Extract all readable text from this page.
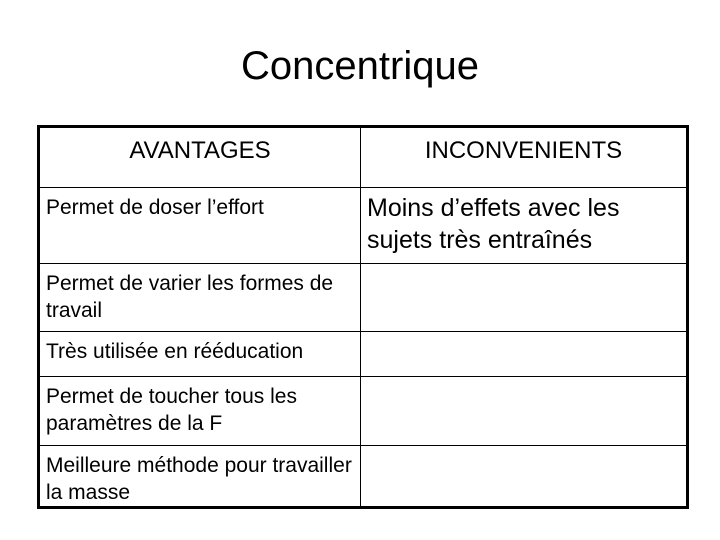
Concentrique
AVANTAGES	INCONVENIENTS
Permet de doser l’effort	Moins d’effets avec les sujets très entraînés
Permet de varier les formes de travail	
Très utilisée en rééducation	
Permet de toucher tous les paramètres de la F	
Meilleure méthode pour travailler la masse	
